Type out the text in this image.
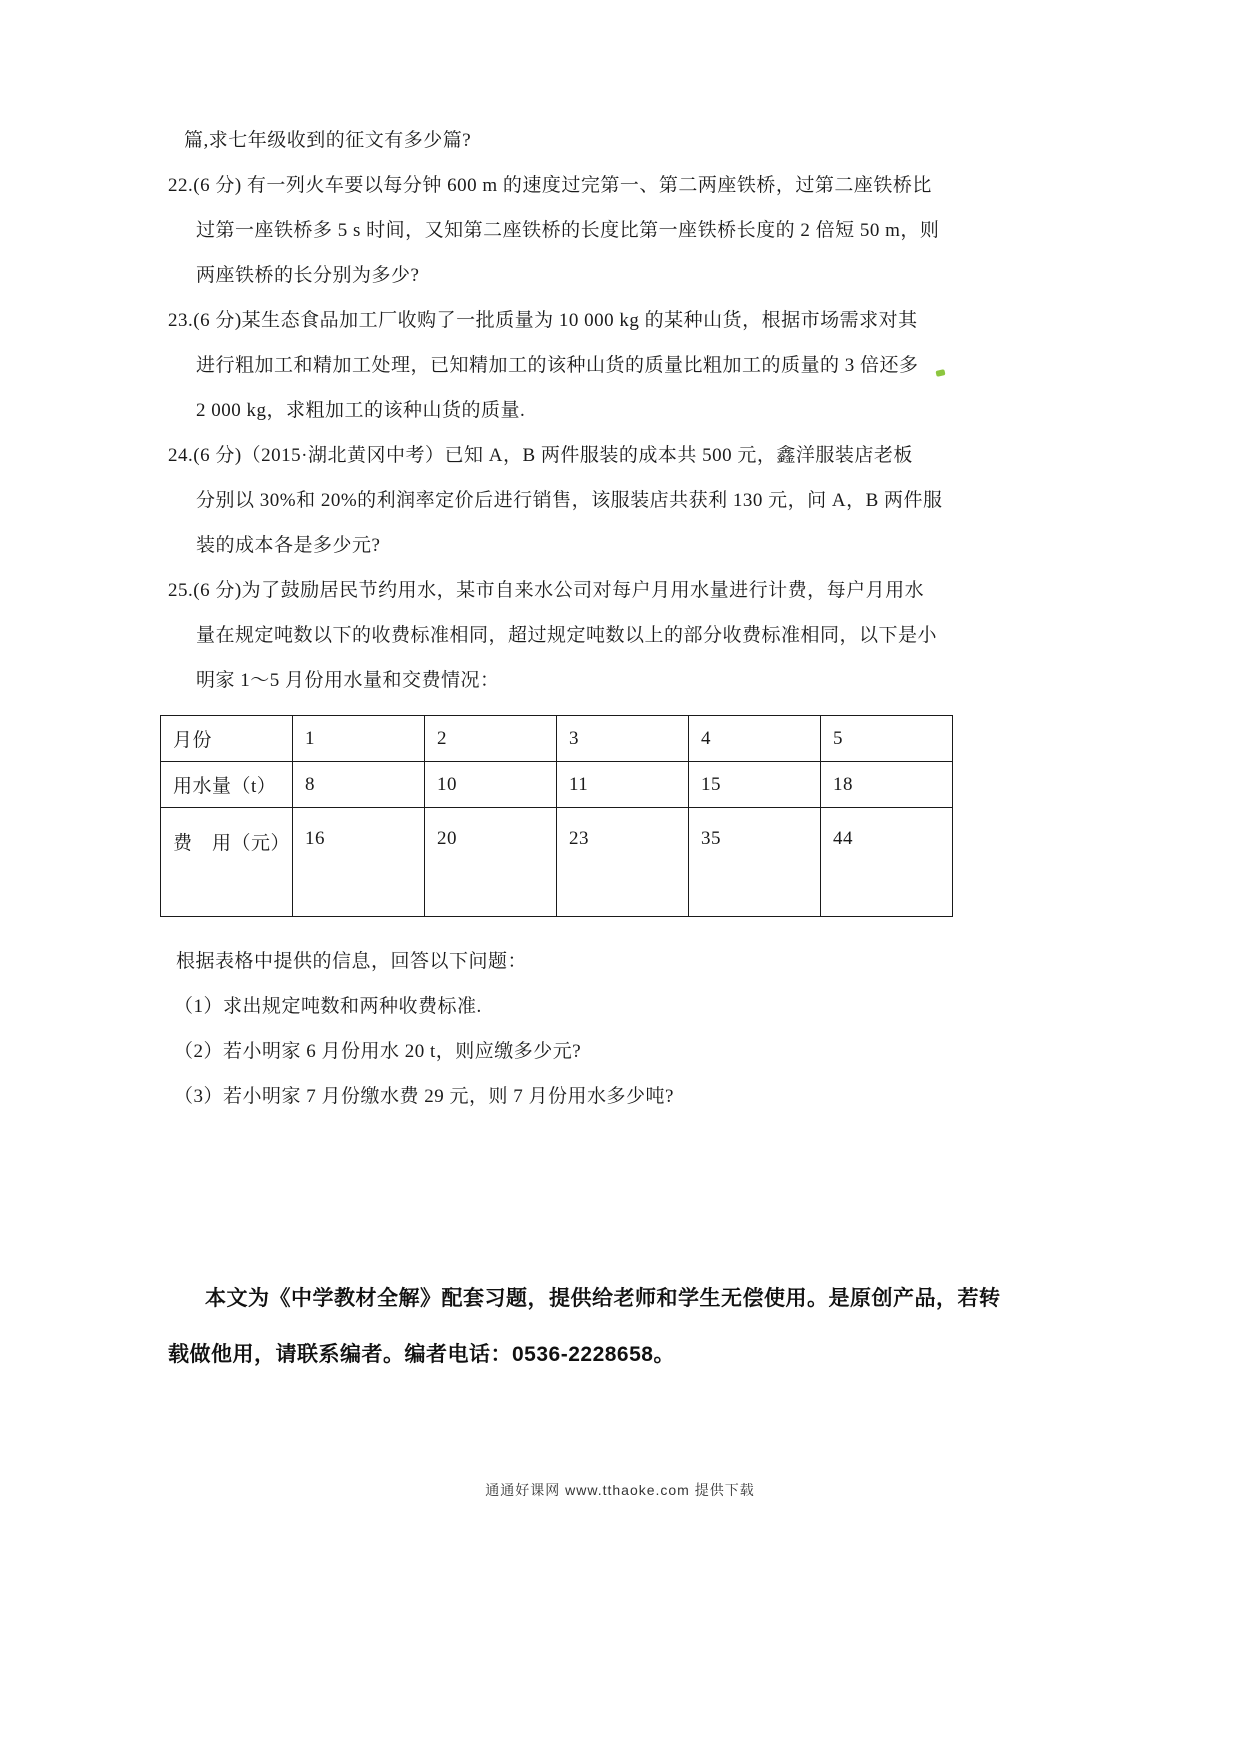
篇,求七年级收到的征文有多少篇?
22.(6 分) 有一列火车要以每分钟 600 m 的速度过完第一、第二两座铁桥，过第二座铁桥比
过第一座铁桥多 5 s 时间，又知第二座铁桥的长度比第一座铁桥长度的 2 倍短 50 m，则
两座铁桥的长分别为多少?
23.(6 分)某生态食品加工厂收购了一批质量为 10 000 kg 的某种山货，根据市场需求对其
进行粗加工和精加工处理，已知精加工的该种山货的质量比粗加工的质量的 3 倍还多
2 000 kg，求粗加工的该种山货的质量.
24.(6 分)（2015·湖北黄冈中考）已知 A，B 两件服装的成本共 500 元，鑫洋服装店老板
分别以 30%和 20%的利润率定价后进行销售，该服装店共获利 130 元，问 A，B 两件服
装的成本各是多少元?
25.(6 分)为了鼓励居民节约用水，某市自来水公司对每户月用水量进行计费，每户月用水
量在规定吨数以下的收费标准相同，超过规定吨数以上的部分收费标准相同，以下是小
明家 1～5 月份用水量和交费情况：
月份	1	2	3	4	5
用水量（t）	8	10	11	15	18
费　用（元）	16	20	23	35	44
根据表格中提供的信息，回答以下问题：
（1）求出规定吨数和两种收费标准.
（2）若小明家 6 月份用水 20 t，则应缴多少元?
（3）若小明家 7 月份缴水费 29 元，则 7 月份用水多少吨?
本文为《中学教材全解》配套习题，提供给老师和学生无偿使用。是原创产品，若转
载做他用，请联系编者。编者电话：0536-2228658。
通通好课网 www.tthaoke.com 提供下载
